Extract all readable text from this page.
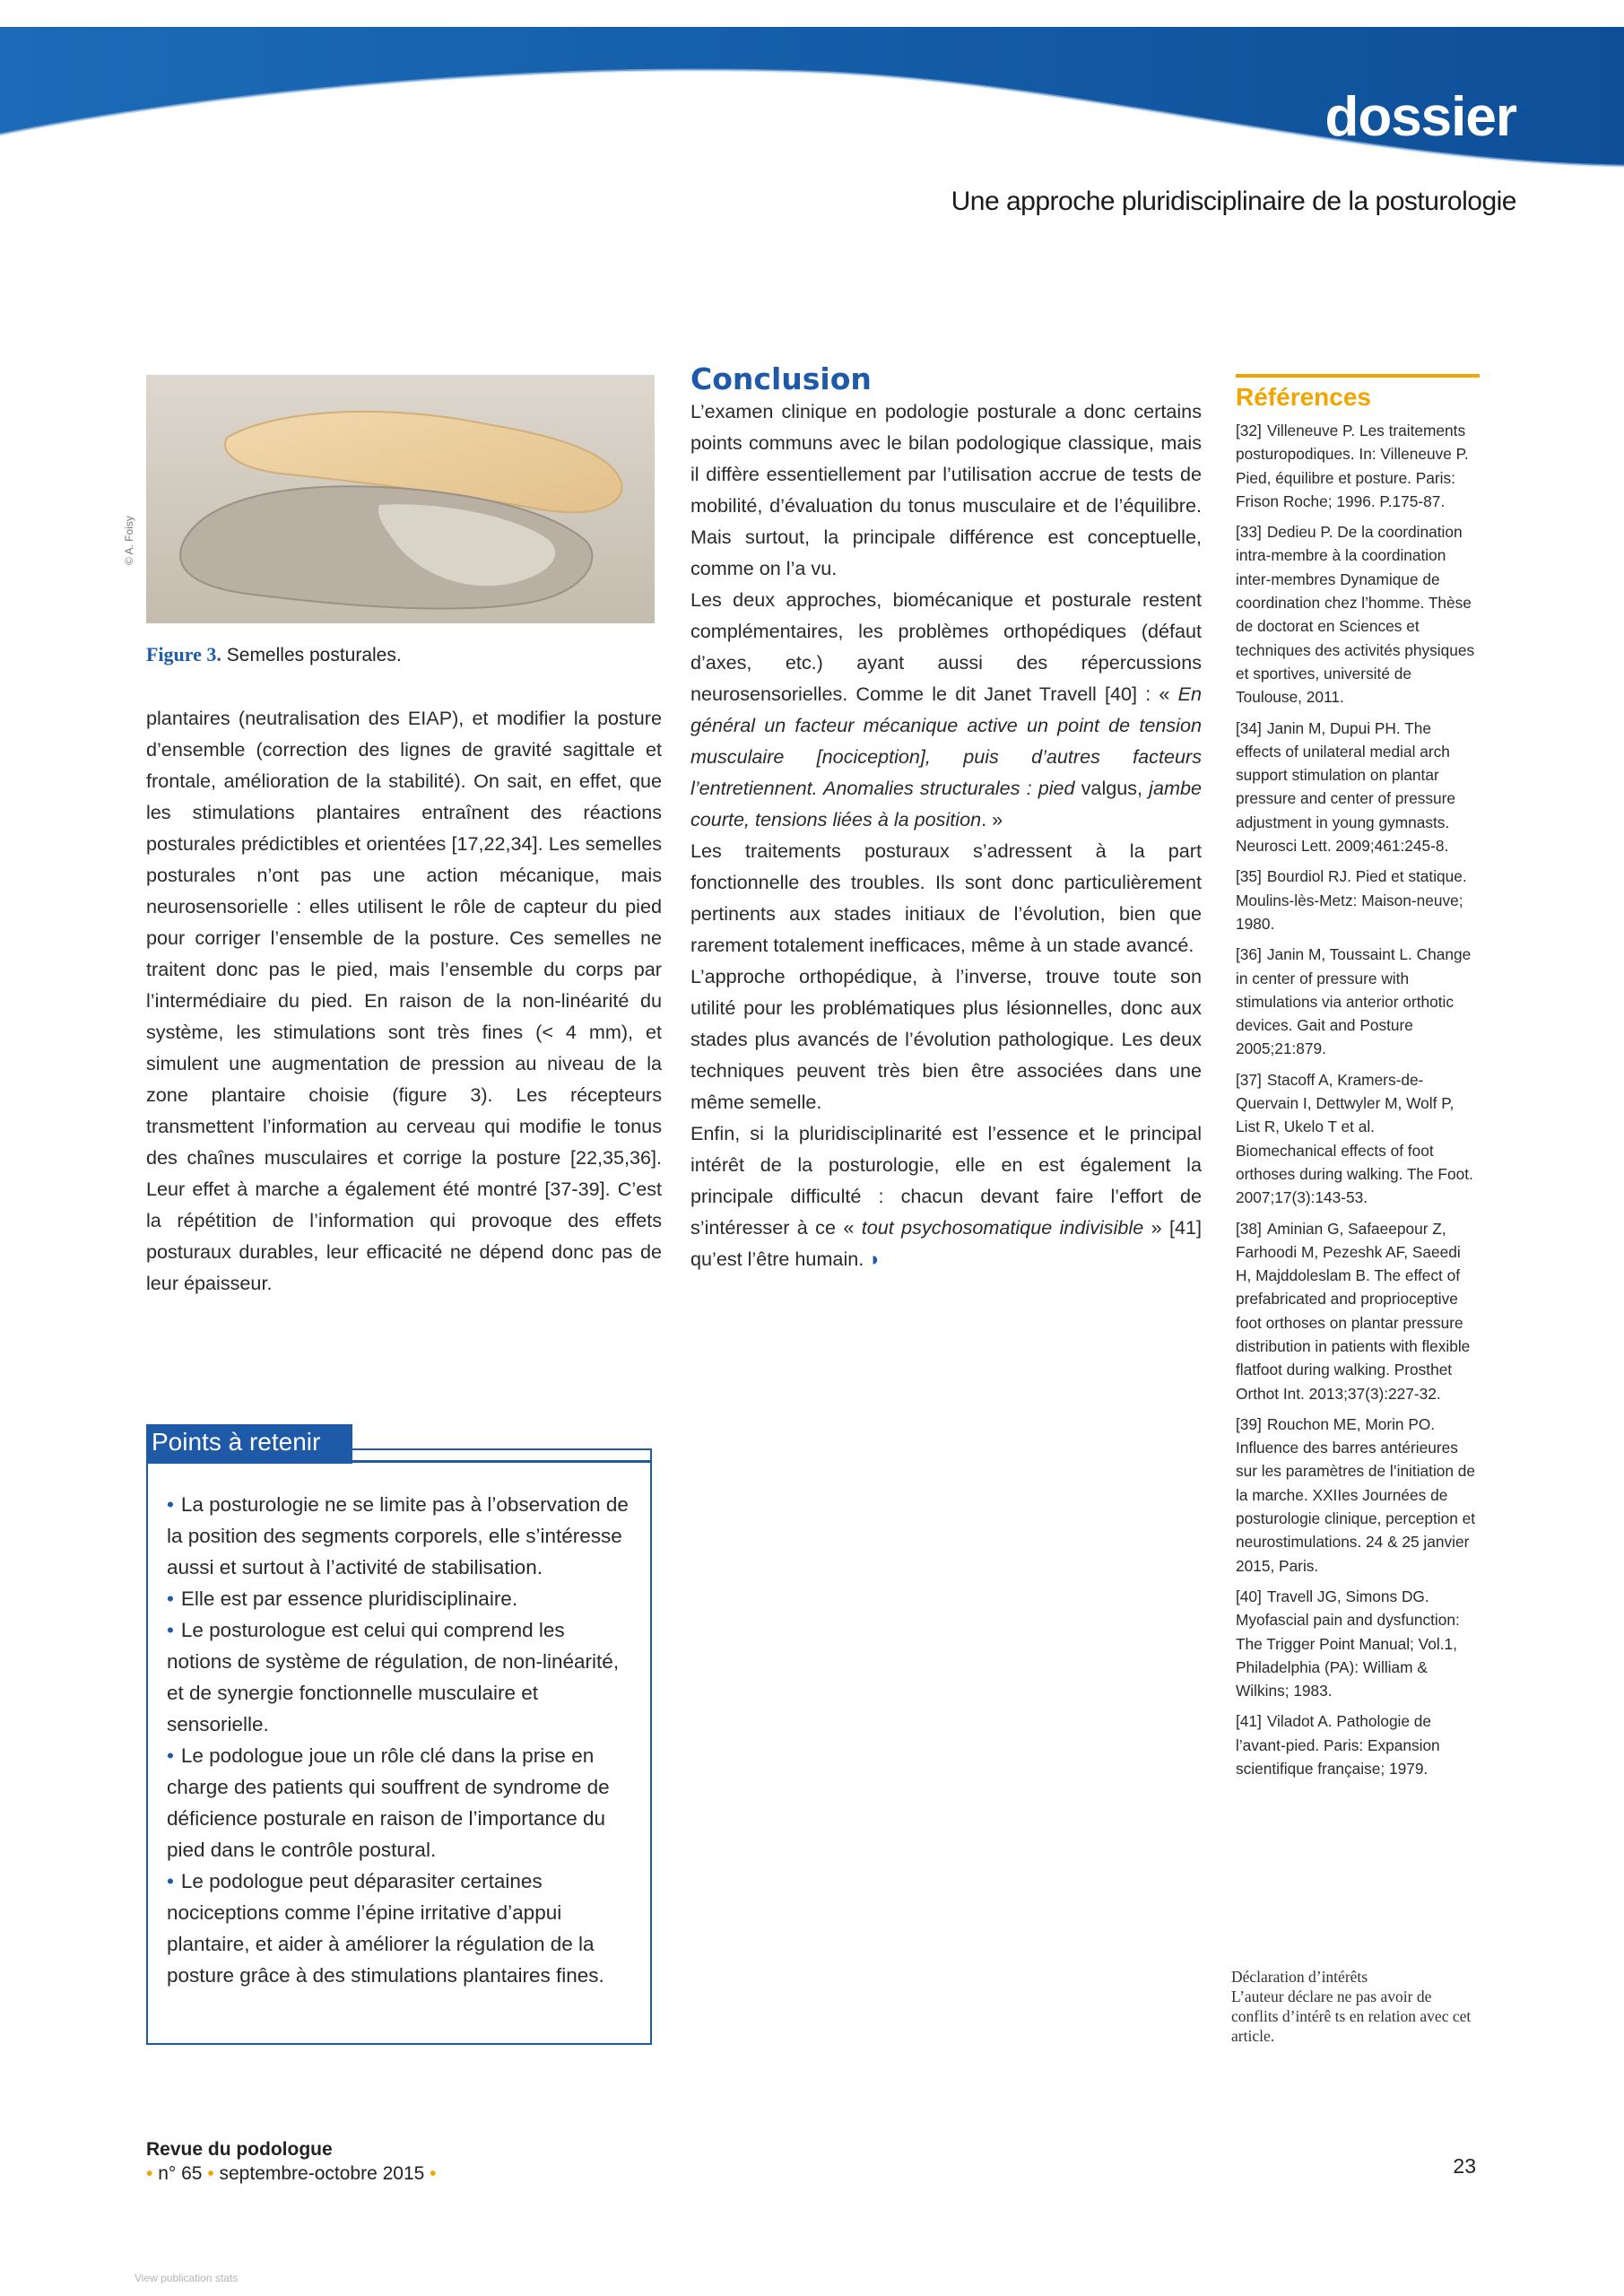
dossier
Une approche pluridisciplinaire de la posturologie
Figure 3. Semelles posturales.

plantaires (neutralisation des EIAP), et modifier la posture d’ensemble (correction des lignes de gravité sagittale et frontale, amélioration de la stabilité). On sait, en effet, que les stimulations plantaires entraînent des réactions posturales prédictibles et orientées [17,22,34]. Les semelles posturales n’ont pas une action mécanique, mais neurosensorielle : elles utilisent le rôle de capteur du pied pour corriger l’ensemble de la posture. Ces semelles ne traitent donc pas le pied, mais l’ensemble du corps par l’intermédiaire du pied. En raison de la non-linéarité du système, les stimulations sont très fines (< 4 mm), et simulent une augmentation de pression au niveau de la zone plantaire choisie (figure 3). Les récepteurs transmettent l’information au cerveau qui modifie le tonus des chaînes musculaires et corrige la posture [22,35,36]. Leur effet à marche a également été montré [37-39]. C’est la répétition de l’information qui provoque des effets posturaux durables, leur efficacité ne dépend donc pas de leur épaisseur.

© A. Foisy
Conclusion

L’examen clinique en podologie posturale a donc certains points communs avec le bilan podologique classique, mais il diffère essentiellement par l’utilisation accrue de tests de mobilité, d’évaluation du tonus musculaire et de l’équilibre. Mais surtout, la principale différence est conceptuelle, comme on l’a vu.

Les deux approches, biomécanique et posturale restent complémentaires, les problèmes orthopédiques (défaut d’axes, etc.) ayant aussi des répercussions neurosensorielles. Comme le dit Janet Travell [40] : « En général un facteur mécanique active un point de tension musculaire [nociception], puis d’autres facteurs l’entretiennent. Anomalies structurales : pied valgus, jambe courte, tensions liées à la position. »

Les traitements posturaux s’adressent à la part fonctionnelle des troubles. Ils sont donc particulièrement pertinents aux stades initiaux de l’évolution, bien que rarement totalement inefficaces, même à un stade avancé.

L’approche orthopédique, à l’inverse, trouve toute son utilité pour les problématiques plus lésionnelles, donc aux stades plus avancés de l’évolution pathologique. Les deux techniques peuvent très bien être associées dans une même semelle.

Enfin, si la pluridisciplinarité est l’essence et le principal intérêt de la posturologie, elle en est également la principale difficulté : chacun devant faire l’effort de s’intéresser à ce « tout psychosomatique indivisible » [41] qu’est l’être humain. ◗

Références
[32] Villeneuve P. Les traitements posturopodiques. In: Villeneuve P. Pied, équilibre et posture. Paris: Frison Roche; 1996. P.175-87.
[33] Dedieu P. De la coordination intra-membre à la coordination inter-membres Dynamique de coordination chez l’homme. Thèse de doctorat en Sciences et techniques des activités physiques et sportives, université de Toulouse, 2011.
[34] Janin M, Dupui PH. The effects of unilateral medial arch support stimulation on plantar pressure and center of pressure adjustment in young gymnasts. Neurosci Lett. 2009;461:245-8.
[35] Bourdiol RJ. Pied et statique. Moulins-lès-Metz: Maison-neuve; 1980.
[36] Janin M, Toussaint L. Change in center of pressure with stimulations via anterior orthotic devices. Gait and Posture 2005;21:879.
[37] Stacoff A, Kramers-de-Quervain I, Dettwyler M, Wolf P, List R, Ukelo T et al. Biomechanical effects of foot orthoses during walking. The Foot. 2007;17(3):143-53.
[38] Aminian G, Safaeepour Z, Farhoodi M, Pezeshk AF, Saeedi H, Majddoleslam B. The effect of prefabricated and proprioceptive foot orthoses on plantar pressure distribution in patients with flexible flatfoot during walking. Prosthet Orthot Int. 2013;37(3):227-32.
[39] Rouchon ME, Morin PO. Influence des barres antérieures sur les paramètres de l’initiation de la marche. XXIIes Journées de posturologie clinique, perception et neurostimulations. 24 & 25 janvier 2015, Paris.
[40] Travell JG, Simons DG. Myofascial pain and dysfunction: The Trigger Point Manual; Vol.1, Philadelphia (PA): William & Wilkins; 1983.
[41] Viladot A. Pathologie de l’avant-pied. Paris: Expansion scientifique française; 1979.
Déclaration d’intérêts
L’auteur déclare ne pas avoir de conflits d’intérê ts en relation avec cet article.
Points à retenir
• La posturologie ne se limite pas à l’observation de la position des segments corporels, elle s’intéresse aussi et surtout à l’activité de stabilisation.
• Elle est par essence pluridisciplinaire.
• Le posturologue est celui qui comprend les notions de système de régulation, de non-linéarité, et de synergie fonctionnelle musculaire et sensorielle.
• Le podologue joue un rôle clé dans la prise en charge des patients qui souffrent de syndrome de déficience posturale en raison de l’importance du pied dans le contrôle postural.
• Le podologue peut déparasiter certaines nociceptions comme l’épine irritative d’appui plantaire, et aider à améliorer la régulation de la posture grâce à des stimulations plantaires fines.
Revue du podologue
• n° 65 • septembre-octobre 2015 •	23
View publication stats
